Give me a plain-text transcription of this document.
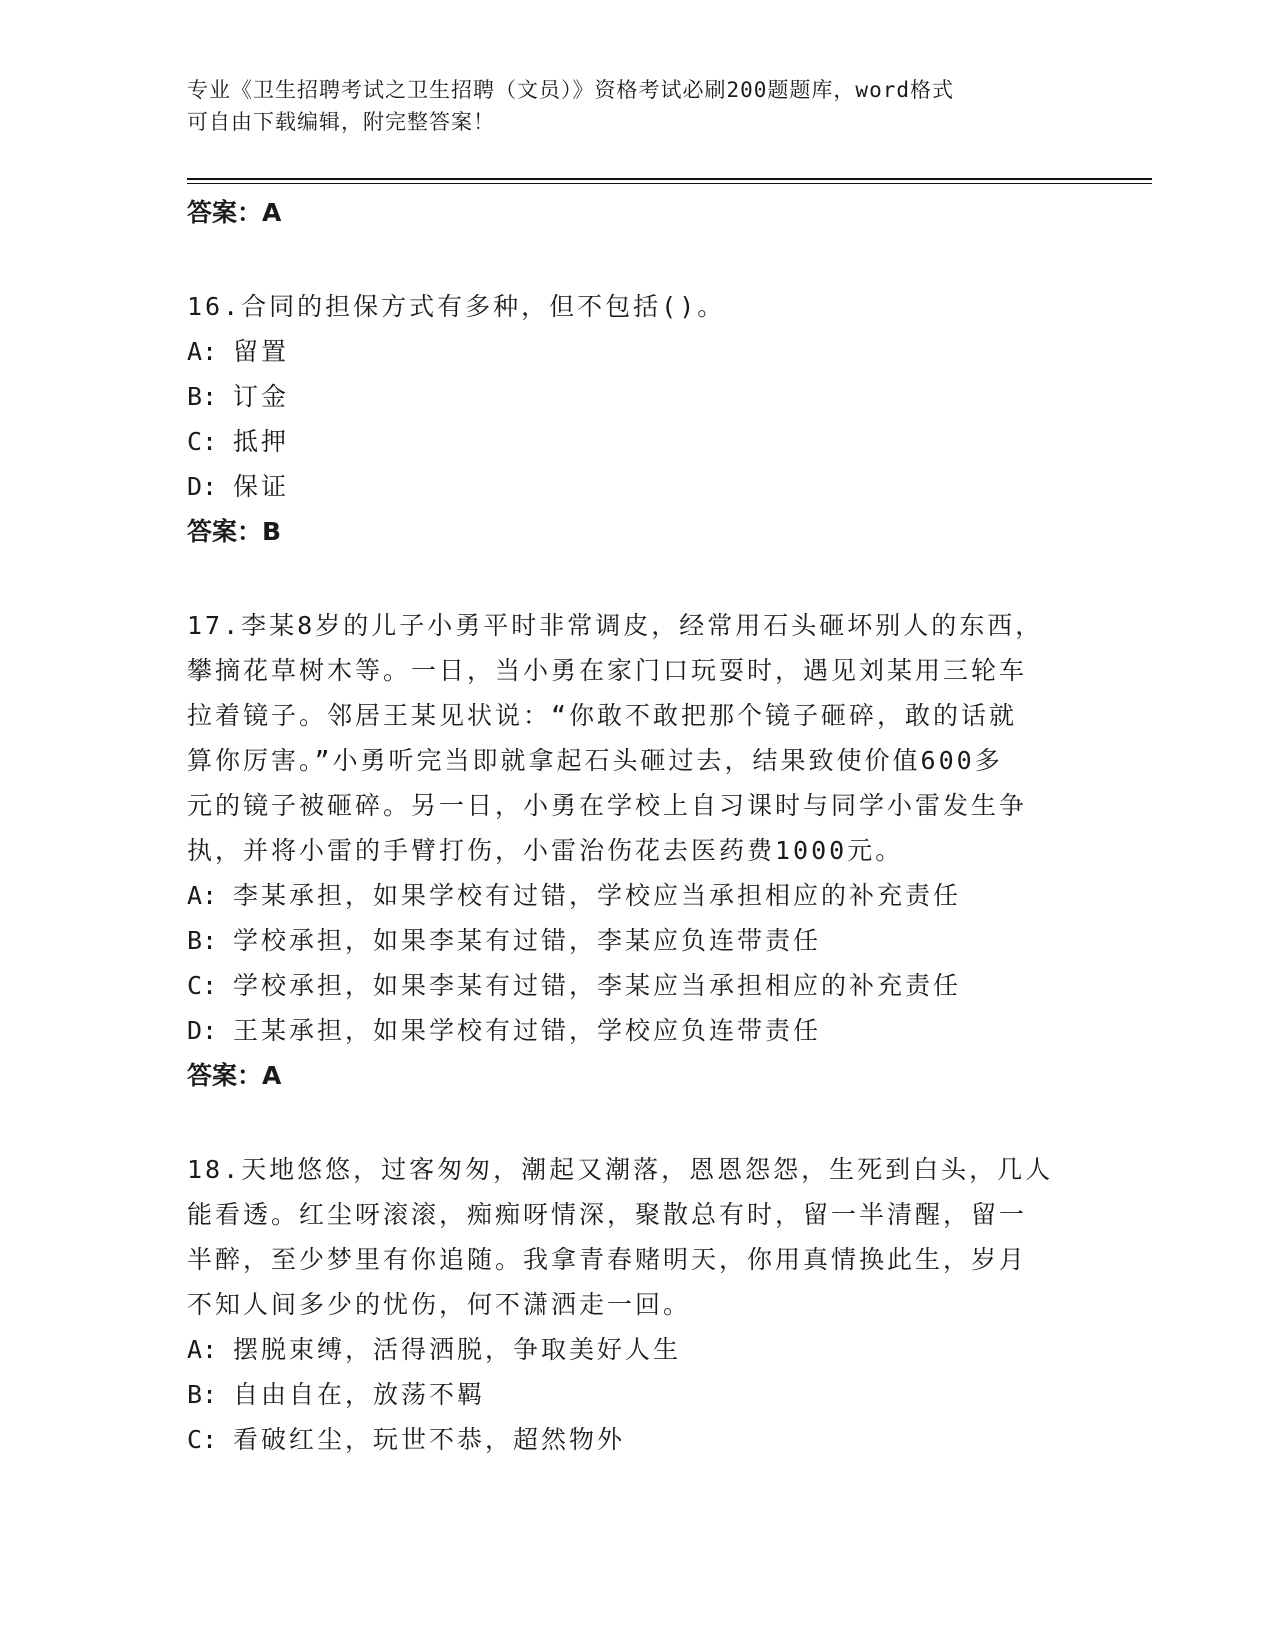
专业《卫生招聘考试之卫生招聘（文员）》资格考试必刷200题题库，word格式
可自由下载编辑，附完整答案！

答案：A

16.合同的担保方式有多种，但不包括()。

A: 留置

B: 订金

C: 抵押

D: 保证

答案：B

17.李某8岁的儿子小勇平时非常调皮，经常用石头砸坏别人的东西，

攀摘花草树木等。一日，当小勇在家门口玩耍时，遇见刘某用三轮车

拉着镜子。邻居王某见状说：“你敢不敢把那个镜子砸碎，敢的话就

算你厉害。”小勇听完当即就拿起石头砸过去，结果致使价值600多

元的镜子被砸碎。另一日，小勇在学校上自习课时与同学小雷发生争

执，并将小雷的手臂打伤，小雷治伤花去医药费1000元。

A: 李某承担，如果学校有过错，学校应当承担相应的补充责任

B: 学校承担，如果李某有过错，李某应负连带责任

C: 学校承担，如果李某有过错，李某应当承担相应的补充责任

D: 王某承担，如果学校有过错，学校应负连带责任

答案：A

18.天地悠悠，过客匆匆，潮起又潮落，恩恩怨怨，生死到白头，几人

能看透。红尘呀滚滚，痴痴呀情深，聚散总有时，留一半清醒，留一

半醉，至少梦里有你追随。我拿青春赌明天，你用真情换此生，岁月

不知人间多少的忧伤，何不潇洒走一回。

A: 摆脱束缚，活得洒脱，争取美好人生

B: 自由自在，放荡不羁

C: 看破红尘，玩世不恭，超然物外
